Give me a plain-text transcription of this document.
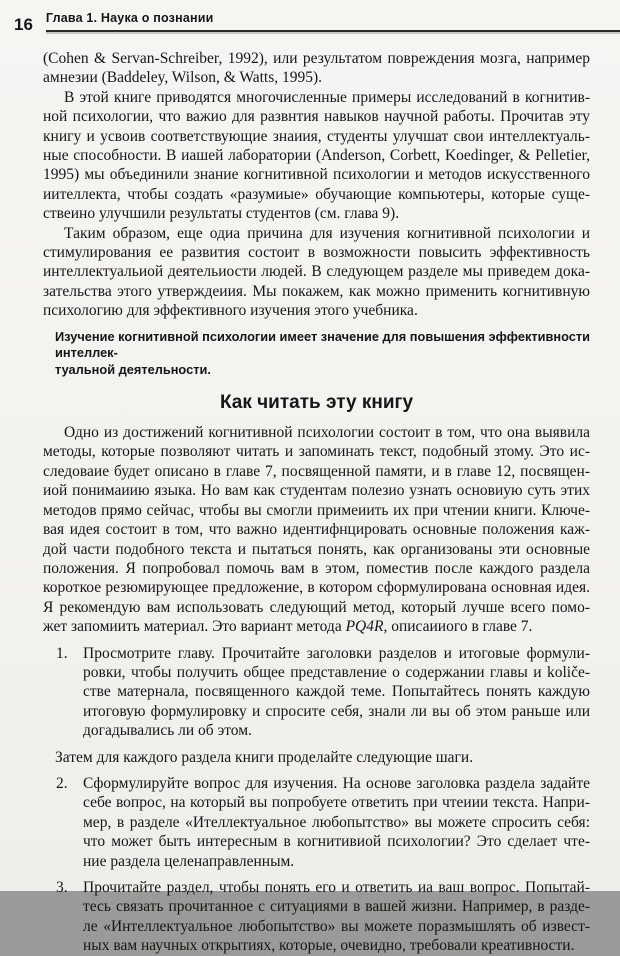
16 Глава 1. Наука о познании
(Cohen & Servan-Schreiber, 1992), или результатом повреждения мозга, например
амнезии (Baddeley, Wilson, & Watts, 1995).
В этой книге приводятся многочисленные примеры исследований в когнитив-
ной психологии, что важио для развнтия навыков научной работы. Прочитав эту
книгу и усвоив соответствующие знаиия, студенты улучшат свои интеллектуаль-
ные способности. В иашей лаборатории (Anderson, Corbett, Koedinger, & Pelletier,
1995) мы объединили знание когнитивной психологии и методов искусственного
иителлекта, чтобы создать «разумиые» обучающие компьютеры, которые суще-
ствеино улучшили результаты студентов (см. глава 9).
Таким образом, еще одиа причина для изучения когнитивной психологии и
стимулирования ее развития состоит в возможности повысить эффективность
интеллектуальиой деятельиости людей. В следующем разделе мы приведем дока-
зательства этого утверждеиия. Мы покажем, как можно применить когнитивную
психологию для эффективного изучения этого учебника.
Изучение когнитивной психологии имеет значение для повышения эффективности интеллек-
туальной деятельности.
Как читать эту книгу
Одно из достижений когнитивной психологии состоит в том, что она выявила
методы, которые позволяют читать и запоминать текст, подобный зтому. Это ис-
следоваие будет описано в главе 7, посвященной памяти, и в главе 12, посвящен-
иой понимаиию языка. Но вам как студентам полезио узнать основиую суть этих
методов прямо сейчас, чтобы вы смогли примеиить их при чтении книги. Ключе-
вая идея состоит в том, что важно идентифнцировать основные положения каж-
дой части подобного текста и пытаться понять, как организованы эти основные
положения. Я попробовал помочь вам в этом, поместив после каждого раздела
короткое резюмирующее предложение, в котором сформулирована основная идея.
Я рекомендую вам использовать следующий метод, который лучше всего помо-
жет запомиить материал. Это вариант метода PQ4R, описаииого в главе 7.
1. Просмотрите главу. Прочитайте заголовки разделов и итоговые формули-
ровки, чтобы получить общее представление о содержании главы и količе-
стве матернала, посвященного каждой теме. Попытайтесь понять каждую
итоговую формулировку и спросите себя, знали ли вы об этом раньше или
догадывались ли об этом.
Затем для каждого раздела книги проделайте следующие шаги.
2. Сформулируйте вопрос для изучения. На основе заголовка раздела задайте
себе вопрос, на который вы попробуете ответить при чтеиии текста. Напри-
мер, в разделе «Ителлектуальное любопытство» вы можете спросить себя:
что может быть интересным в когнитивиой психологии? Это сделает чте-
ние раздела целенаправленным.
3. Прочитайте раздел, чтобы понять его и ответить иа ваш вопрос. Попытай-
тесь связать прочитанное с ситуациями в вашей жизни. Например, в разде-
ле «Интеллектуальное любопытство» вы можете поразмышлять об извест-
ных вам научных открытиях, которые, очевидно, требовали креативности.
